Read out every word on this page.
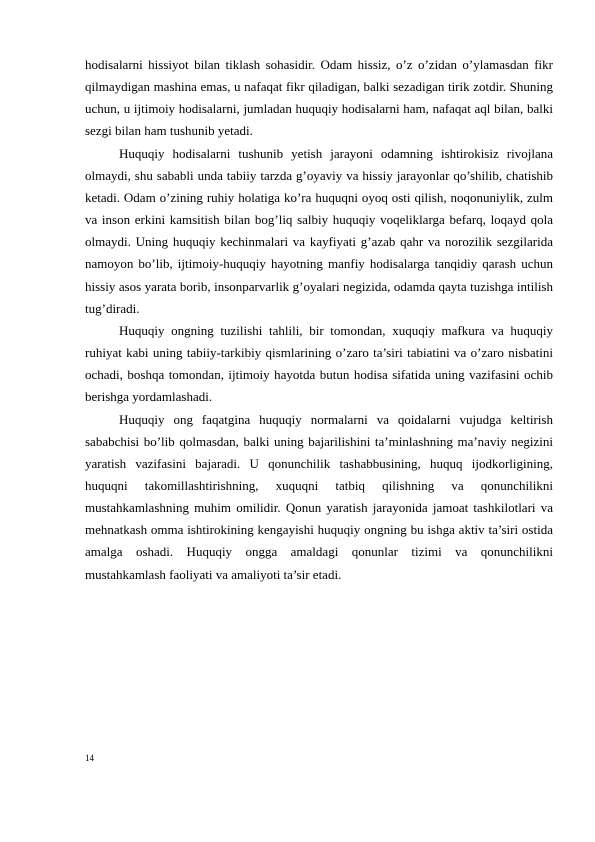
hodisalarni hissiyot bilan tiklash sohasidir. Odam hissiz, o’z o’zidan o’ylamasdan fikr qilmaydigan mashina emas, u nafaqat fikr qiladigan, balki sezadigan tirik zotdir. Shuning uchun, u ijtimoiy hodisalarni, jumladan huquqiy hodisalarni ham, nafaqat aql bilan, balki sezgi bilan ham tushunib yetadi.

Huquqiy hodisalarni tushunib yetish jarayoni odamning ishtirokisiz rivojlana olmaydi, shu sababli unda tabiiy tarzda g’oyaviy va hissiy jarayonlar qo’shilib, chatishib ketadi. Odam o’zining ruhiy holatiga ko’ra huquqni oyoq osti qilish, noqonuniylik, zulm va inson erkini kamsitish bilan bog’liq salbiy huquqiy voqeliklarga befarq, loqayd qola olmaydi. Uning huquqiy kechinmalari va kayfiyati g’azab qahr va norozilik sezgilarida namoyon bo’lib, ijtimoiy-huquqiy hayotning manfiy hodisalarga tanqidiy qarash uchun hissiy asos yarata borib, insonparvarlik g’oyalari negizida, odamda qayta tuzishga intilish tug’diradi.

Huquqiy ongning tuzilishi tahlili, bir tomondan, xuquqiy mafkura va huquqiy ruhiyat kabi uning tabiiy-tarkibiy qismlarining o’zaro ta’siri tabiatini va o’zaro nisbatini ochadi, boshqa tomondan, ijtimoiy hayotda butun hodisa sifatida uning vazifasini ochib berishga yordamlashadi.

Huquqiy ong faqatgina huquqiy normalarni va qoidalarni vujudga keltirish sababchisi bo’lib qolmasdan, balki uning bajarilishini ta’minlashning ma’naviy negizini yaratish vazifasini bajaradi. U qonunchilik tashabbusining, huquq ijodkorligining, huquqni takomillashtirishning, xuquqni tatbiq qilishning va qonunchilikni mustahkamlashning muhim omilidir. Qonun yaratish jarayonida jamoat tashkilotlari va mehnatkash omma ishtirokining kengayishi huquqiy ongning bu ishga aktiv ta’siri ostida amalga oshadi. Huquqiy ongga amaldagi qonunlar tizimi va qonunchilikni mustahkamlash faoliyati va amaliyoti ta’sir etadi.

14
